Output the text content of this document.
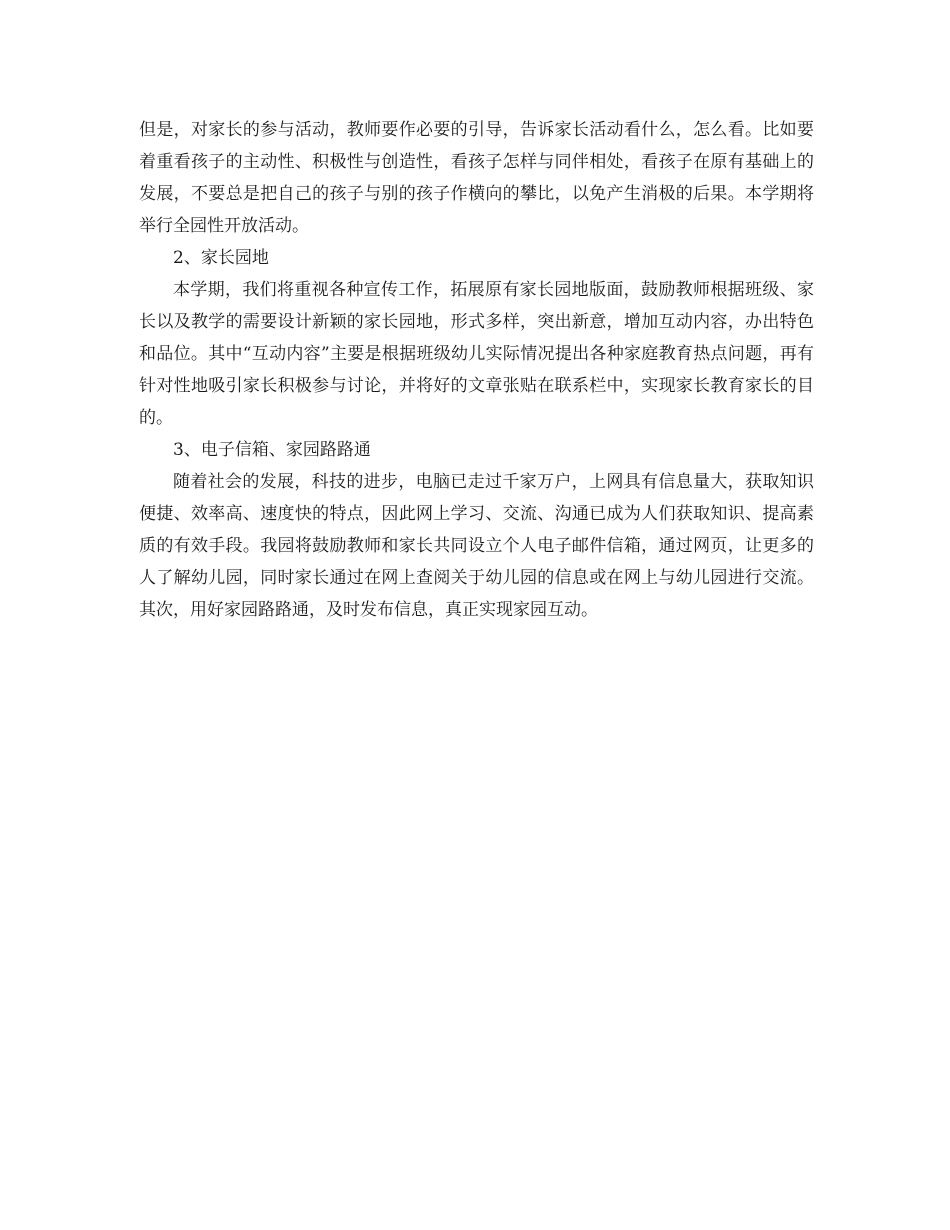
但是，对家长的参与活动，教师要作必要的引导，告诉家长活动看什么，怎么看。比如要着重看孩子的主动性、积极性与创造性，看孩子怎样与同伴相处，看孩子在原有基础上的发展，不要总是把自己的孩子与别的孩子作横向的攀比，以免产生消极的后果。本学期将举行全园性开放活动。

2、家长园地

本学期，我们将重视各种宣传工作，拓展原有家长园地版面，鼓励教师根据班级、家长以及教学的需要设计新颖的家长园地，形式多样，突出新意，增加互动内容，办出特色和品位。其中“互动内容”主要是根据班级幼儿实际情况提出各种家庭教育热点问题，再有针对性地吸引家长积极参与讨论，并将好的文章张贴在联系栏中，实现家长教育家长的目的。

3、电子信箱、家园路路通

随着社会的发展，科技的进步，电脑已走过千家万户，上网具有信息量大，获取知识便捷、效率高、速度快的特点，因此网上学习、交流、沟通已成为人们获取知识、提高素质的有效手段。我园将鼓励教师和家长共同设立个人电子邮件信箱，通过网页，让更多的人了解幼儿园，同时家长通过在网上查阅关于幼儿园的信息或在网上与幼儿园进行交流。其次，用好家园路路通，及时发布信息，真正实现家园互动。
